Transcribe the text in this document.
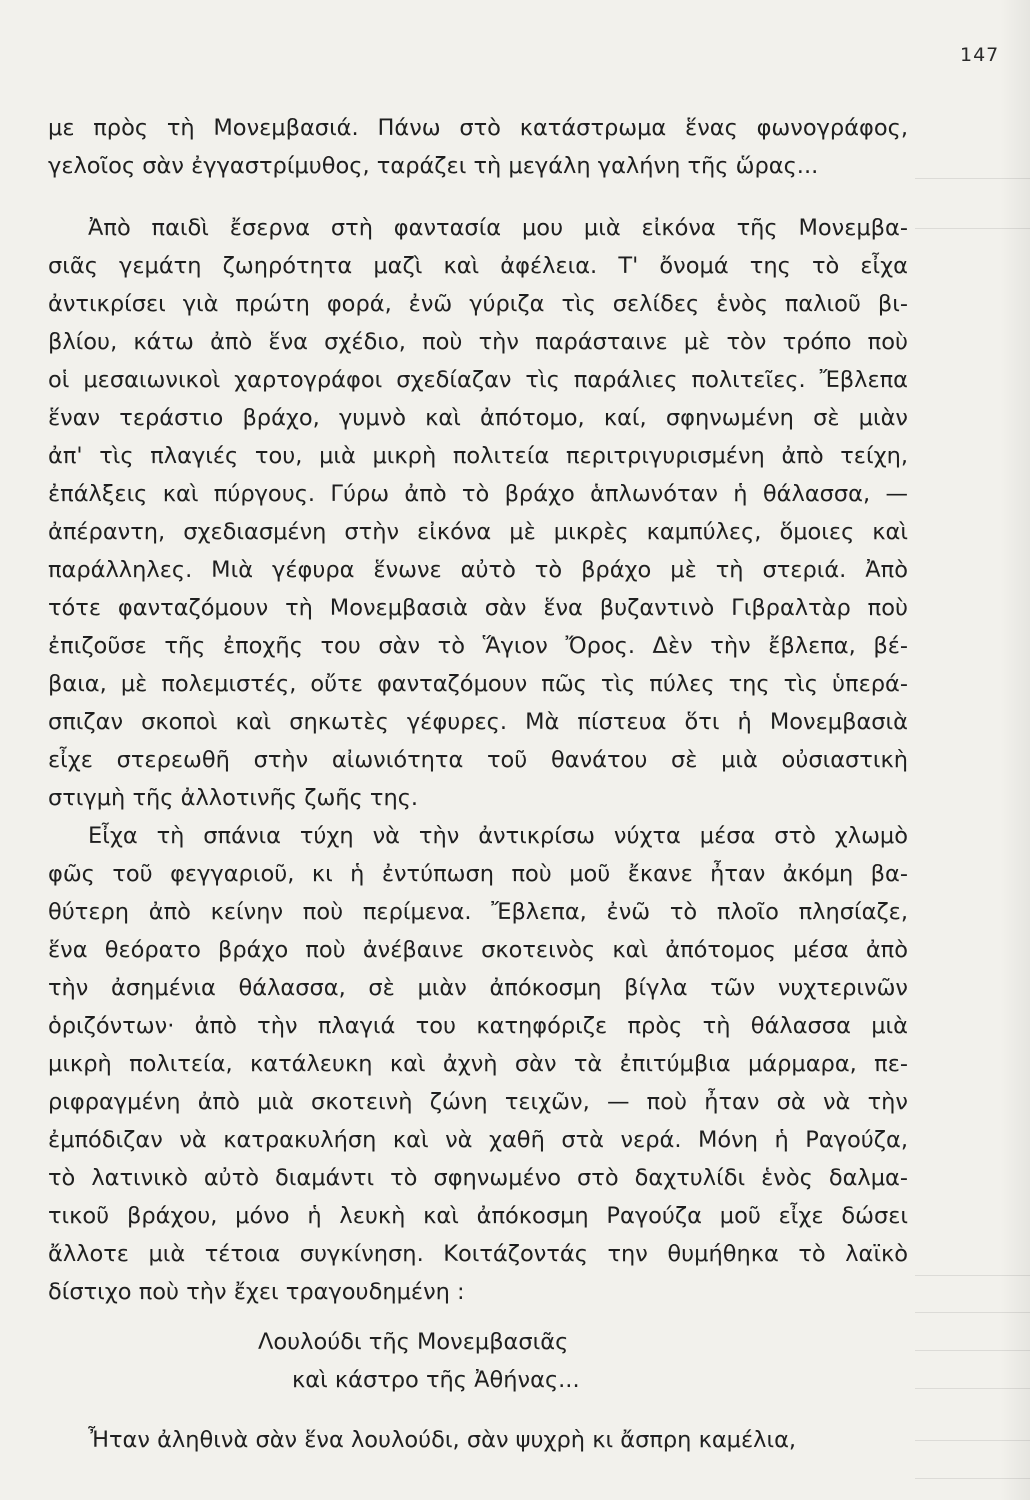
147
με πρὸς τὴ Μονεμβασιά. Πάνω στὸ κατάστρωμα ἕνας φωνογράφος,
γελοῖος σὰν ἐγγαστρίμυθος, ταράζει τὴ μεγάλη γαλήνη τῆς ὥρας...
Ἀπὸ παιδὶ ἔσερνα στὴ φαντασία μου μιὰ εἰκόνα τῆς Μονεμβα-
σιᾶς γεμάτη ζωηρότητα μαζὶ καὶ ἀφέλεια. Τ' ὄνομά της τὸ εἶχα
ἀντικρίσει γιὰ πρώτη φορά, ἐνῶ γύριζα τὶς σελίδες ἑνὸς παλιοῦ βι-
βλίου, κάτω ἀπὸ ἕνα σχέδιο, ποὺ τὴν παράσταινε μὲ τὸν τρόπο ποὺ
οἱ μεσαιωνικοὶ χαρτογράφοι σχεδίαζαν τὶς παράλιες πολιτεῖες. Ἔβλεπα
ἕναν τεράστιο βράχο, γυμνὸ καὶ ἀπότομο, καί, σφηνωμένη σὲ μιὰν
ἀπ' τὶς πλαγιές του, μιὰ μικρὴ πολιτεία περιτριγυρισμένη ἀπὸ τείχη,
ἐπάλξεις καὶ πύργους. Γύρω ἀπὸ τὸ βράχο ἁπλωνόταν ἡ θάλασσα, —
ἀπέραντη, σχεδιασμένη στὴν εἰκόνα μὲ μικρὲς καμπύλες, ὅμοιες καὶ
παράλληλες. Μιὰ γέφυρα ἕνωνε αὐτὸ τὸ βράχο μὲ τὴ στεριά. Ἀπὸ
τότε φανταζόμουν τὴ Μονεμβασιὰ σὰν ἕνα βυζαντινὸ Γιβραλτὰρ ποὺ
ἐπιζοῦσε τῆς ἐποχῆς του σὰν τὸ Ἅγιον Ὄρος. Δὲν τὴν ἔβλεπα, βέ-
βαια, μὲ πολεμιστές, οὔτε φανταζόμουν πῶς τὶς πύλες της τὶς ὑπερά-
σπιζαν σκοποὶ καὶ σηκωτὲς γέφυρες. Μὰ πίστευα ὅτι ἡ Μονεμβασιὰ
εἶχε στερεωθῆ στὴν αἰωνιότητα τοῦ θανάτου σὲ μιὰ οὐσιαστικὴ
στιγμὴ τῆς ἀλλοτινῆς ζωῆς της.
Εἶχα τὴ σπάνια τύχη νὰ τὴν ἀντικρίσω νύχτα μέσα στὸ χλωμὸ
φῶς τοῦ φεγγαριοῦ, κι ἡ ἐντύπωση ποὺ μοῦ ἔκανε ἦταν ἀκόμη βα-
θύτερη ἀπὸ κείνην ποὺ περίμενα. Ἔβλεπα, ἐνῶ τὸ πλοῖο πλησίαζε,
ἕνα θεόρατο βράχο ποὺ ἀνέβαινε σκοτεινὸς καὶ ἀπότομος μέσα ἀπὸ
τὴν ἀσημένια θάλασσα, σὲ μιὰν ἀπόκοσμη βίγλα τῶν νυχτερινῶν
ὁριζόντων· ἀπὸ τὴν πλαγιά του κατηφόριζε πρὸς τὴ θάλασσα μιὰ
μικρὴ πολιτεία, κατάλευκη καὶ ἀχνὴ σὰν τὰ ἐπιτύμβια μάρμαρα, πε-
ριφραγμένη ἀπὸ μιὰ σκοτεινὴ ζώνη τειχῶν, — ποὺ ἦταν σὰ νὰ τὴν
ἐμπόδιζαν νὰ κατρακυλήση καὶ νὰ χαθῆ στὰ νερά. Μόνη ἡ Ραγούζα,
τὸ λατινικὸ αὐτὸ διαμάντι τὸ σφηνωμένο στὸ δαχτυλίδι ἑνὸς δαλμα-
τικοῦ βράχου, μόνο ἡ λευκὴ καὶ ἀπόκοσμη Ραγούζα μοῦ εἶχε δώσει
ἄλλοτε μιὰ τέτοια συγκίνηση. Κοιτάζοντάς την θυμήθηκα τὸ λαϊκὸ
δίστιχο ποὺ τὴν ἔχει τραγουδημένη :
Λουλούδι τῆς Μονεμβασιᾶς
καὶ κάστρο τῆς Ἀθήνας...
Ἦταν ἀληθινὰ σὰν ἕνα λουλούδι, σὰν ψυχρὴ κι ἄσπρη καμέλια,
